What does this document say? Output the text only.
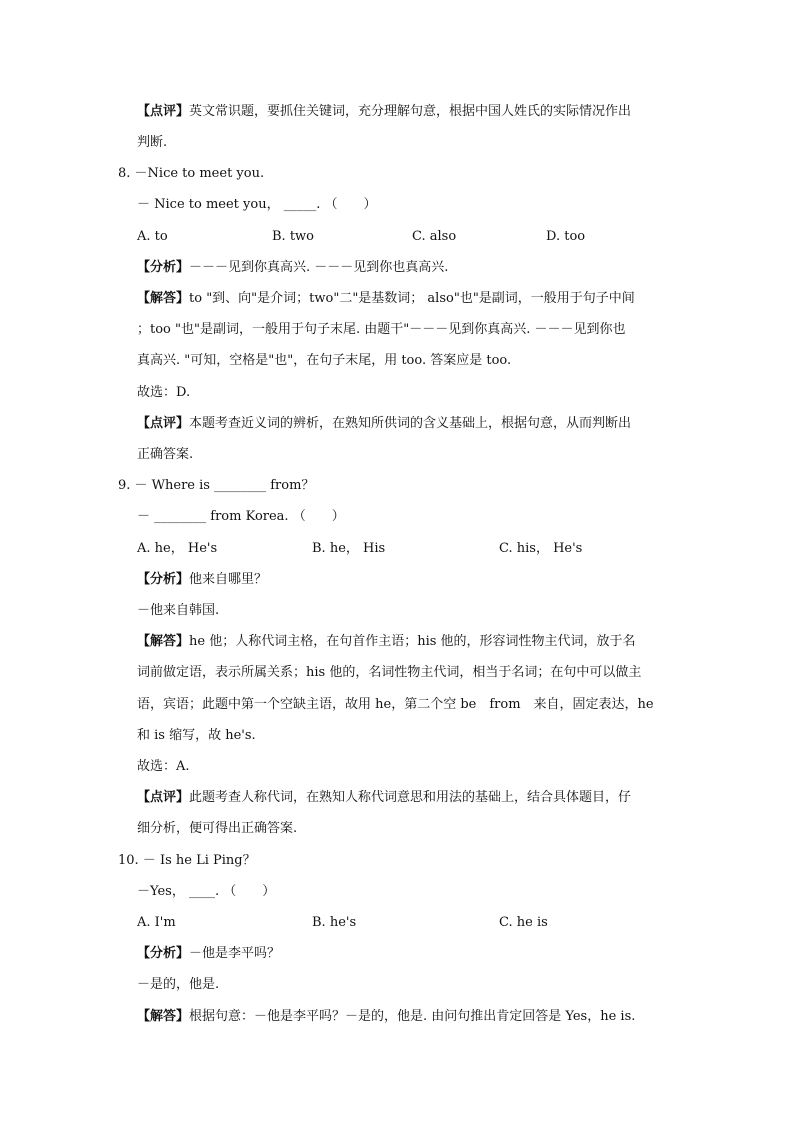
【点评】英文常识题，要抓住关键词，充分理解句意，根据中国人姓氏的实际情况作出
判断.
8. －Nice to meet you.
－ Nice to meet you， _____. （　　）
A. to	B. two	C. also	D. too
【分析】－－－见到你真高兴. －－－见到你也真高兴.
【解答】to "到、向"是介词；two"二"是基数词； also"也"是副词，一般用于句子中间
；too "也"是副词，一般用于句子末尾. 由题干"－－－见到你真高兴. －－－见到你也
真高兴. "可知，空格是"也"，在句子末尾，用 too. 答案应是 too.
故选：D.
【点评】本题考查近义词的辨析，在熟知所供词的含义基础上，根据句意，从而判断出
正确答案.
9. － Where is ________ from？
－ ________ from Korea. （　　）
A. he， He's	B. he， His	C. his， He's
【分析】他来自哪里？
－他来自韩国.
【解答】he 他；人称代词主格，在句首作主语；his 他的，形容词性物主代词，放于名
词前做定语，表示所属关系；his 他的，名词性物主代词，相当于名词；在句中可以做主
语，宾语；此题中第一个空缺主语，故用 he，第二个空 be　from　来自，固定表达，he
和 is 缩写，故 he's.
故选：A.
【点评】此题考查人称代词，在熟知人称代词意思和用法的基础上，结合具体题目，仔
细分析，便可得出正确答案.
10. － Is he Li Ping？
－Yes， ____. （　　）
A. I'm	B. he's	C. he is
【分析】－他是李平吗？
－是的，他是.
【解答】根据句意：－他是李平吗？－是的，他是. 由问句推出肯定回答是 Yes，he is.
